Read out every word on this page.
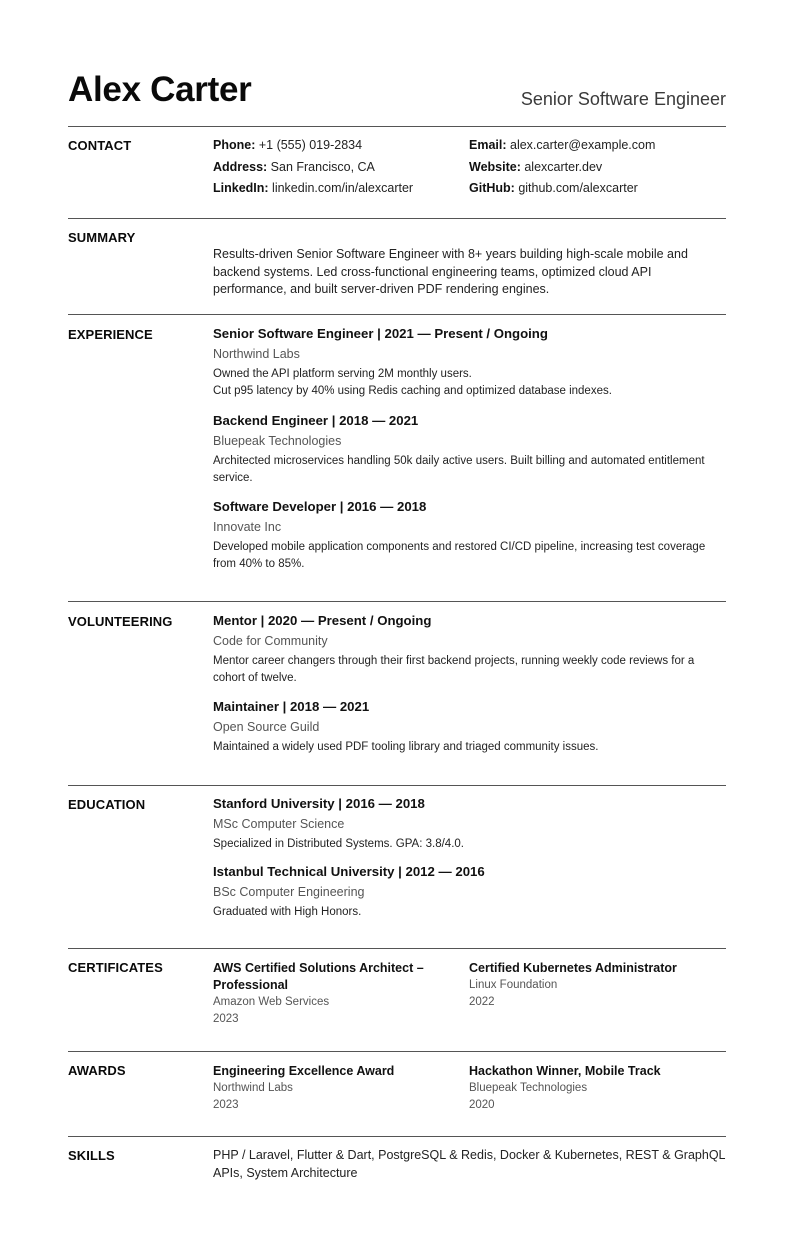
Alex Carter	Senior Software Engineer
CONTACT	Phone: +1 (555) 019-2834
Address: San Francisco, CA
LinkedIn: linkedin.com/in/alexcarter
Email: alex.carter@example.com
Website: alexcarter.dev
GitHub: github.com/alexcarter
SUMMARY
Results-driven Senior Software Engineer with 8+ years building high-scale mobile and backend systems. Led cross-functional engineering teams, optimized cloud API performance, and built server-driven PDF rendering engines.
EXPERIENCE	Senior Software Engineer | 2021 — Present / Ongoing
Northwind Labs
Owned the API platform serving 2M monthly users.
Cut p95 latency by 40% using Redis caching and optimized database indexes.
Backend Engineer | 2018 — 2021
Bluepeak Technologies
Architected microservices handling 50k daily active users. Built billing and automated entitlement service.
Software Developer | 2016 — 2018
Innovate Inc
Developed mobile application components and restored CI/CD pipeline, increasing test coverage from 40% to 85%.
VOLUNTEERING	Mentor | 2020 — Present / Ongoing
Code for Community
Mentor career changers through their first backend projects, running weekly code reviews for a cohort of twelve.
Maintainer | 2018 — 2021
Open Source Guild
Maintained a widely used PDF tooling library and triaged community issues.
EDUCATION	Stanford University | 2016 — 2018
MSc Computer Science
Specialized in Distributed Systems. GPA: 3.8/4.0.
Istanbul Technical University | 2012 — 2016
BSc Computer Engineering
Graduated with High Honors.
CERTIFICATES	AWS Certified Solutions Architect – Professional
Amazon Web Services
2023
Certified Kubernetes Administrator
Linux Foundation
2022
AWARDS	Engineering Excellence Award
Northwind Labs
2023
Hackathon Winner, Mobile Track
Bluepeak Technologies
2020
SKILLS	PHP / Laravel, Flutter & Dart, PostgreSQL & Redis, Docker & Kubernetes, REST & GraphQL APIs, System Architecture
